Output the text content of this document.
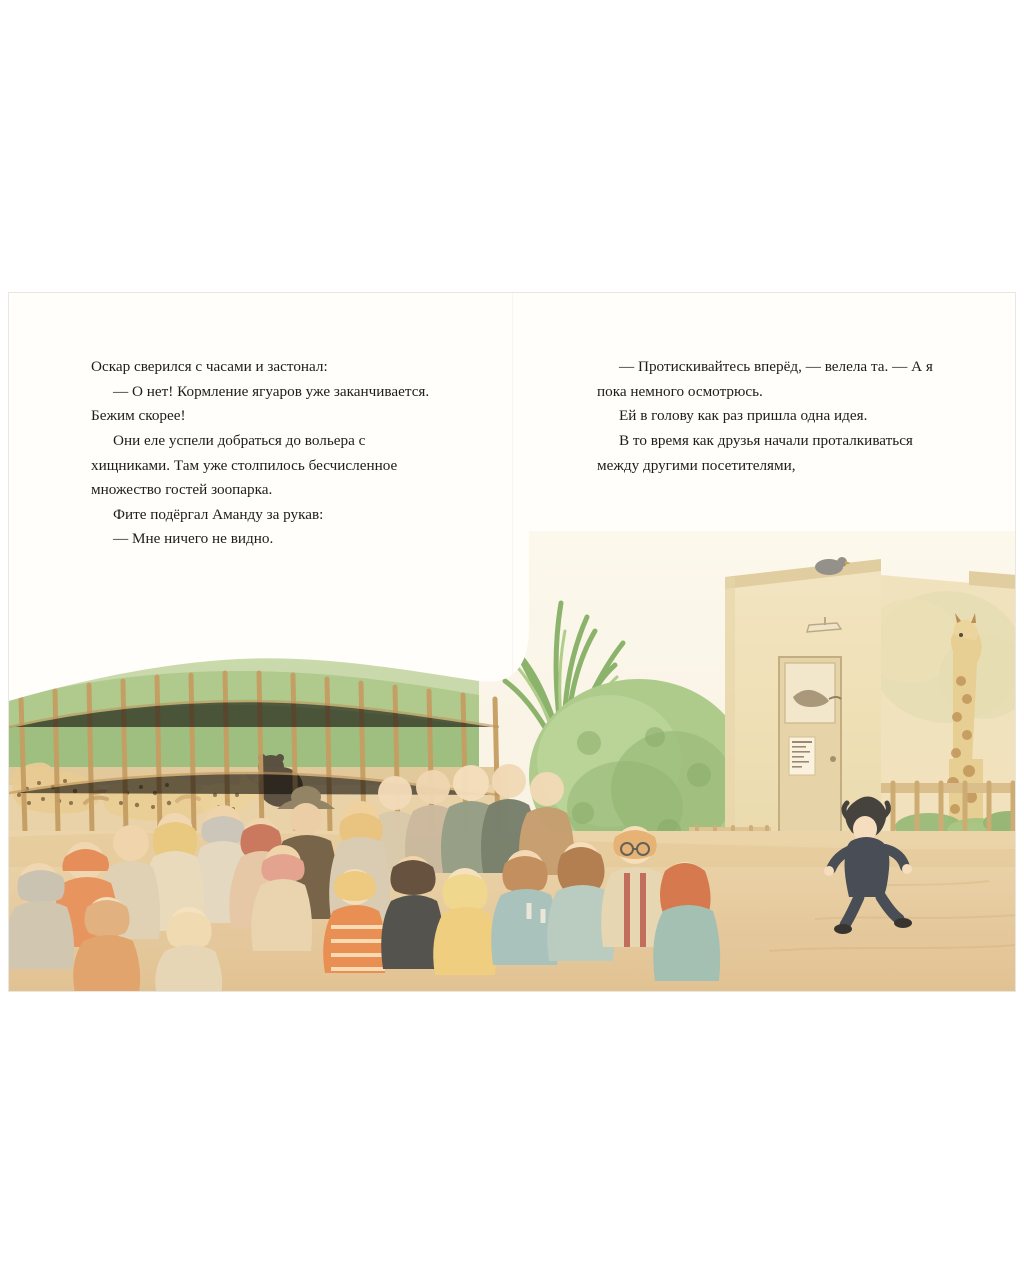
Оскар сверился с часами и застонал:

— О нет! Кормление ягуаров уже заканчивается. Бежим скорее!

Они еле успели добраться до вольера с хищниками. Там уже столпилось бесчисленное множество гостей зоопарка.

Фите подёргал Аманду за рукав:

— Мне ничего не видно.

— Протискивайтесь вперёд, — велела та. — А я пока немного осмотрюсь.

Ей в голову как раз пришла одна идея.

В то время как друзья начали проталкиваться между другими посетителями,
